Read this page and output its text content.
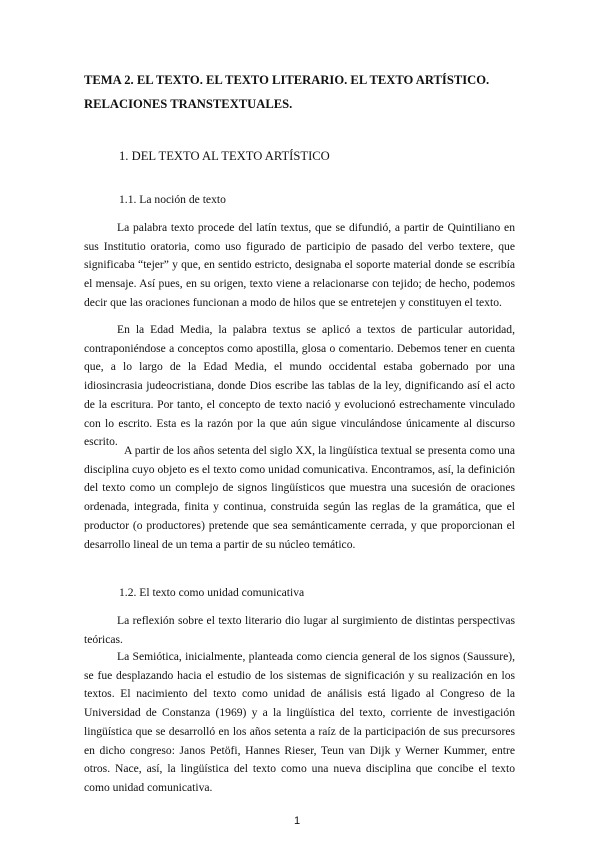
TEMA 2. EL TEXTO. EL TEXTO LITERARIO. EL TEXTO ARTÍSTICO. RELACIONES TRANSTEXTUALES.
1. DEL TEXTO AL TEXTO ARTÍSTICO
1.1. La noción de texto

La palabra texto procede del latín textus, que se difundió, a partir de Quintiliano en sus Institutio oratoria, como uso figurado de participio de pasado del verbo textere, que significaba “tejer” y que, en sentido estricto, designaba el soporte material donde se escribía el mensaje. Así pues, en su origen, texto viene a relacionarse con tejido; de hecho, podemos decir que las oraciones funcionan a modo de hilos que se entretejen y constituyen el texto.

En la Edad Media, la palabra textus se aplicó a textos de particular autoridad, contraponiéndose a conceptos como apostilla, glosa o comentario. Debemos tener en cuenta que, a lo largo de la Edad Media, el mundo occidental estaba gobernado por una idiosincrasia judeocristiana, donde Dios escribe las tablas de la ley, dignificando así el acto de la escritura. Por tanto, el concepto de texto nació y evolucionó estrechamente vinculado con lo escrito. Esta es la razón por la que aún sigue vinculándose únicamente al discurso escrito.

A partir de los años setenta del siglo XX, la lingüística textual se presenta como una disciplina cuyo objeto es el texto como unidad comunicativa. Encontramos, así, la definición del texto como un complejo de signos lingüísticos que muestra una sucesión de oraciones ordenada, integrada, finita y continua, construida según las reglas de la gramática, que el productor (o productores) pretende que sea semánticamente cerrada, y que proporcionan el desarrollo lineal de un tema a partir de su núcleo temático.

1.2. El texto como unidad comunicativa

La reflexión sobre el texto literario dio lugar al surgimiento de distintas perspectivas teóricas.

La Semiótica, inicialmente, planteada como ciencia general de los signos (Saussure), se fue desplazando hacia el estudio de los sistemas de significación y su realización en los textos. El nacimiento del texto como unidad de análisis está ligado al Congreso de la Universidad de Constanza (1969) y a la lingüística del texto, corriente de investigación lingüística que se desarrolló en los años setenta a raíz de la participación de sus precursores en dicho congreso: Janos Petöfi, Hannes Rieser, Teun van Dijk y Werner Kummer, entre otros. Nace, así, la lingüística del texto como una nueva disciplina que concibe el texto como unidad comunicativa.

1
